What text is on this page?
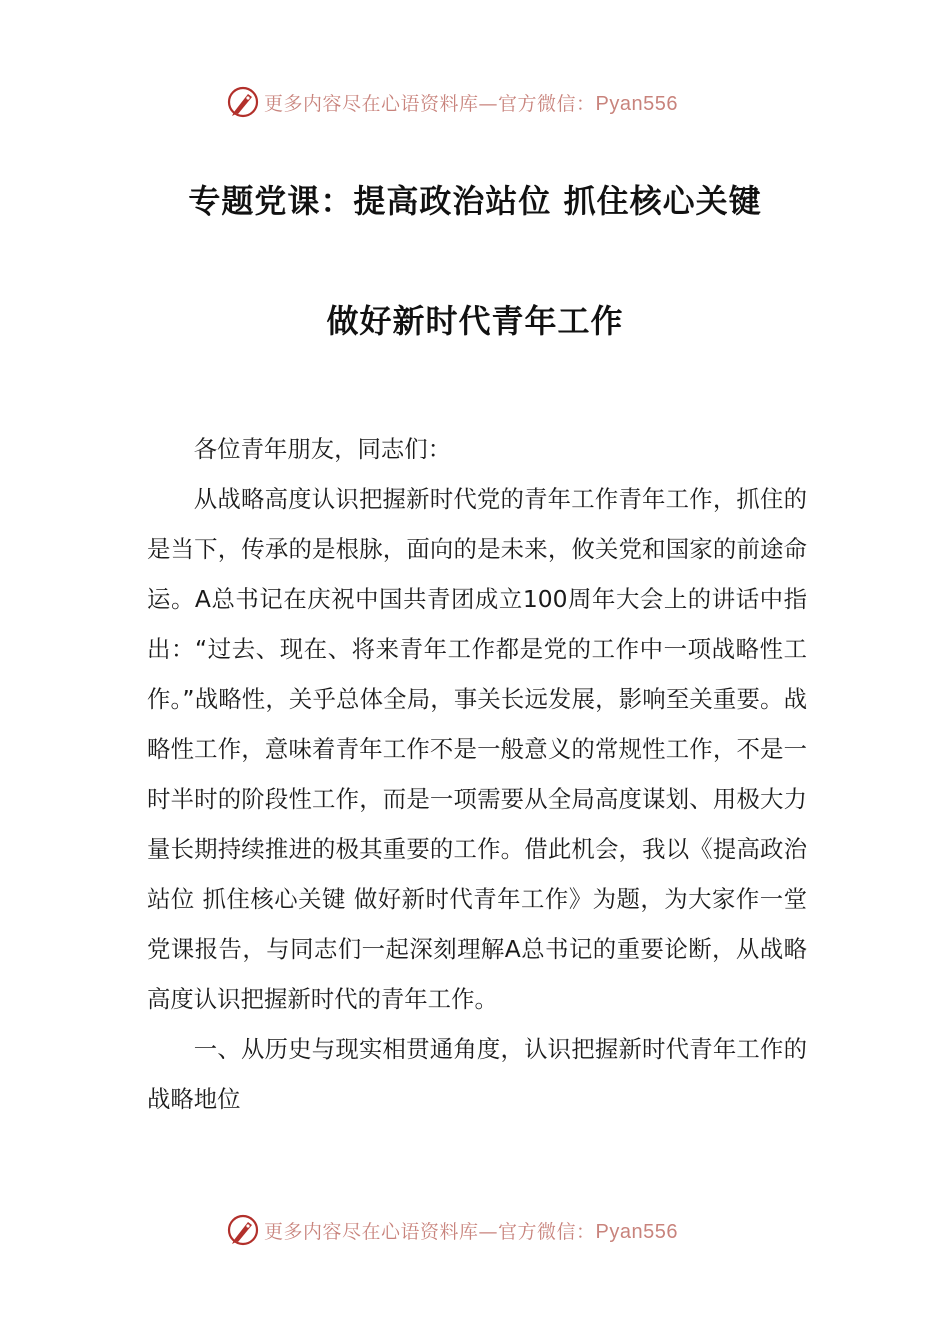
更多内容尽在心语资料库—官方微信：Pyan556
专题党课：提高政治站位 抓住核心关键
做好新时代青年工作

各位青年朋友，同志们：

从战略高度认识把握新时代党的青年工作青年工作，抓住的是当下，传承的是根脉，面向的是未来，攸关党和国家的前途命运。A总书记在庆祝中国共青团成立100周年大会上的讲话中指出：“过去、现在、将来青年工作都是党的工作中一项战略性工作。”战略性，关乎总体全局，事关长远发展，影响至关重要。战略性工作，意味着青年工作不是一般意义的常规性工作，不是一时半时的阶段性工作，而是一项需要从全局高度谋划、用极大力量长期持续推进的极其重要的工作。借此机会，我以《提高政治站位 抓住核心关键 做好新时代青年工作》为题，为大家作一堂党课报告，与同志们一起深刻理解A总书记的重要论断，从战略高度认识把握新时代的青年工作。

一、从历史与现实相贯通角度，认识把握新时代青年工作的战略地位

更多内容尽在心语资料库—官方微信：Pyan556
